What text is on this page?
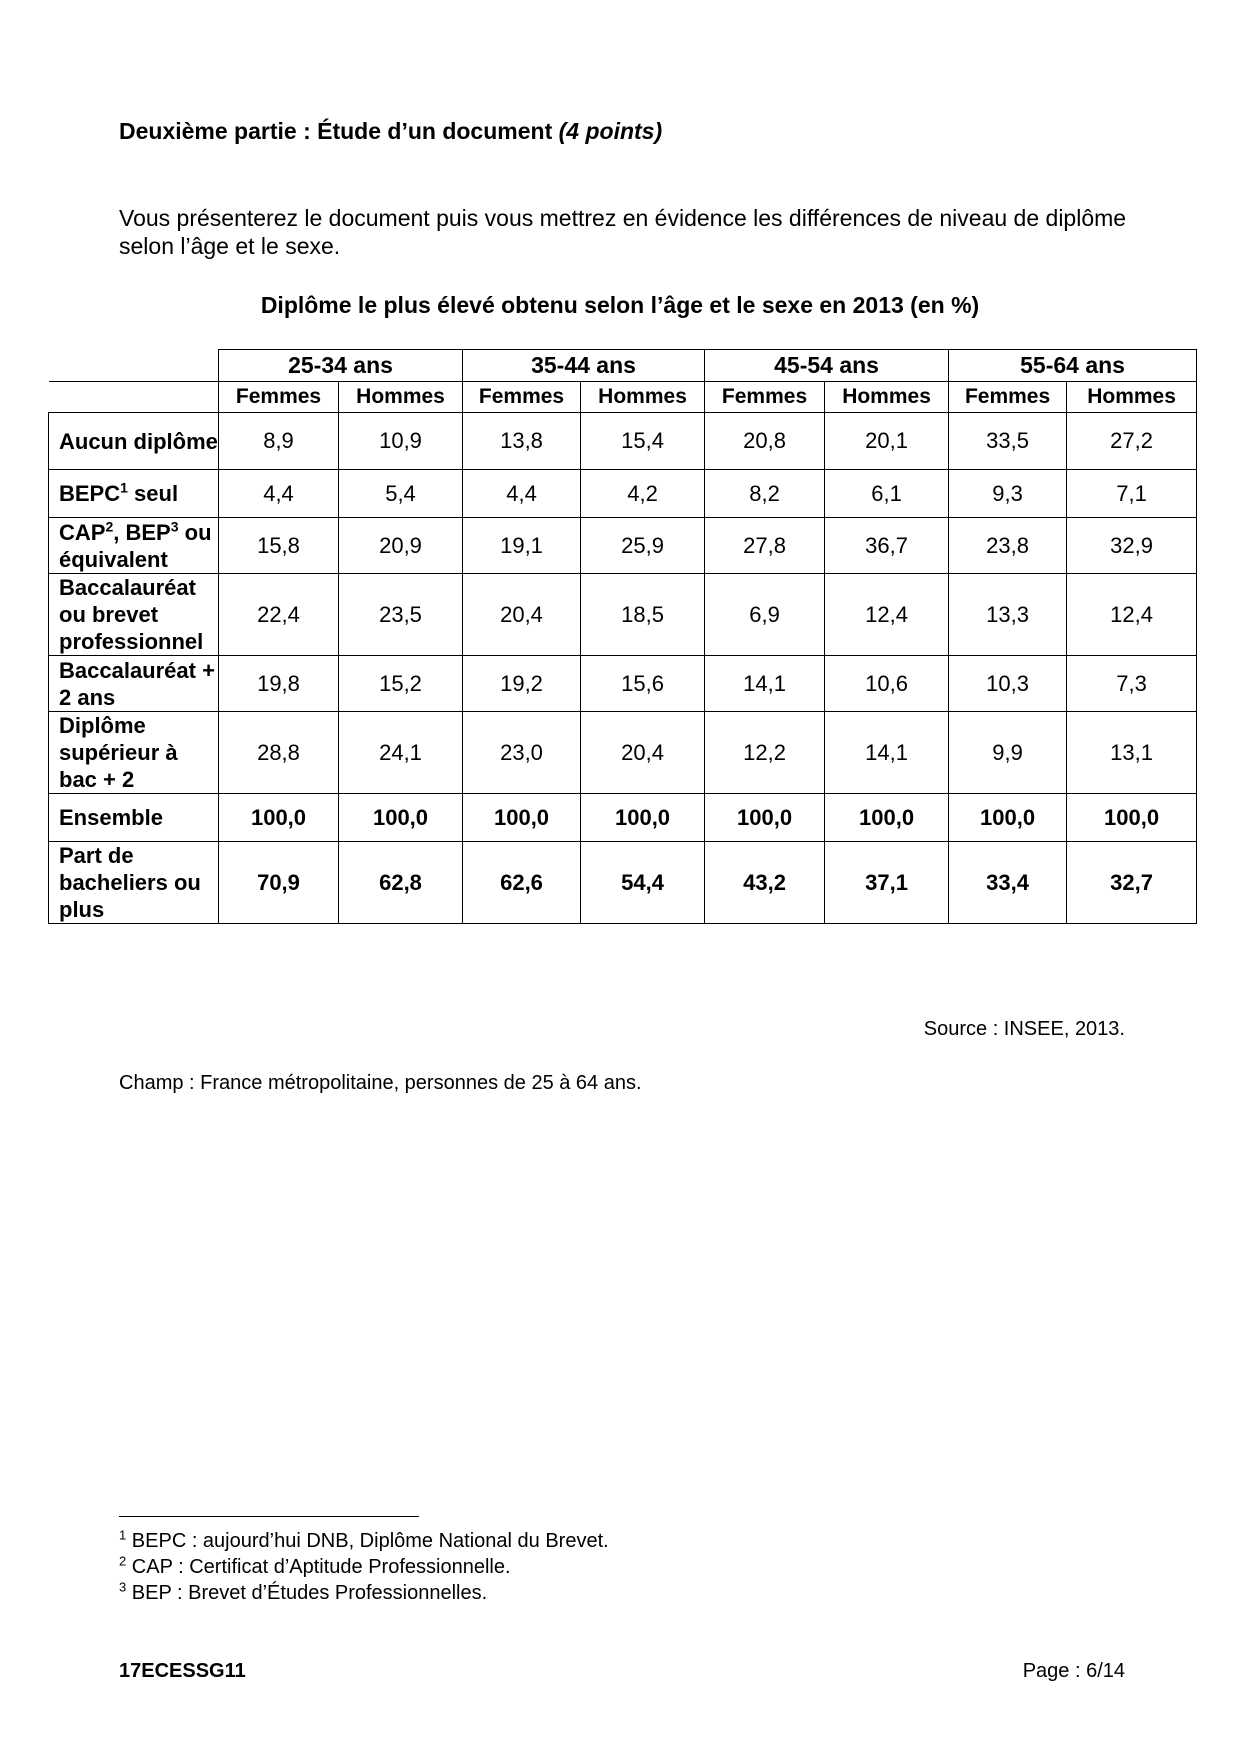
Deuxième partie : Étude d’un document (4 points)
Vous présenterez le document puis vous mettrez en évidence les différences de niveau de diplôme selon l’âge et le sexe.
Diplôme le plus élevé obtenu selon l’âge et le sexe en 2013 (en %)
	25-34 ans		35-44 ans		45-54 ans		55-64 ans	
	Femmes	Hommes	Femmes	Hommes	Femmes	Hommes	Femmes	Hommes
Aucun diplôme	8,9	10,9	13,8	15,4	20,8	20,1	33,5	27,2
BEPC$^1$ seul	4,4	5,4	4,4	4,2	8,2	6,1	9,3	7,1
CAP$^2$, BEP$^3$ ou équivalent	15,8	20,9	19,1	25,9	27,8	36,7	23,8	32,9
Baccalauréat ou brevet professionnel	22,4	23,5	20,4	18,5	6,9	12,4	13,3	12,4
Baccalauréat + 2 ans	19,8	15,2	19,2	15,6	14,1	10,6	10,3	7,3
Diplôme supérieur à bac + 2	28,8	24,1	23,0	20,4	12,2	14,1	9,9	13,1
Ensemble	100,0	100,0	100,0	100,0	100,0	100,0	100,0	100,0
Part de bacheliers ou plus	70,9	62,8	62,6	54,4	43,2	37,1	33,4	32,7
Source : INSEE, 2013.
Champ : France métropolitaine, personnes de 25 à 64 ans.
$^1$ BEPC : aujourd’hui DNB, Diplôme National du Brevet.
$^2$ CAP : Certificat d’Aptitude Professionnelle.
$^3$ BEP : Brevet d’Études Professionnelles.
17ECESSG11	Page : 6/14
